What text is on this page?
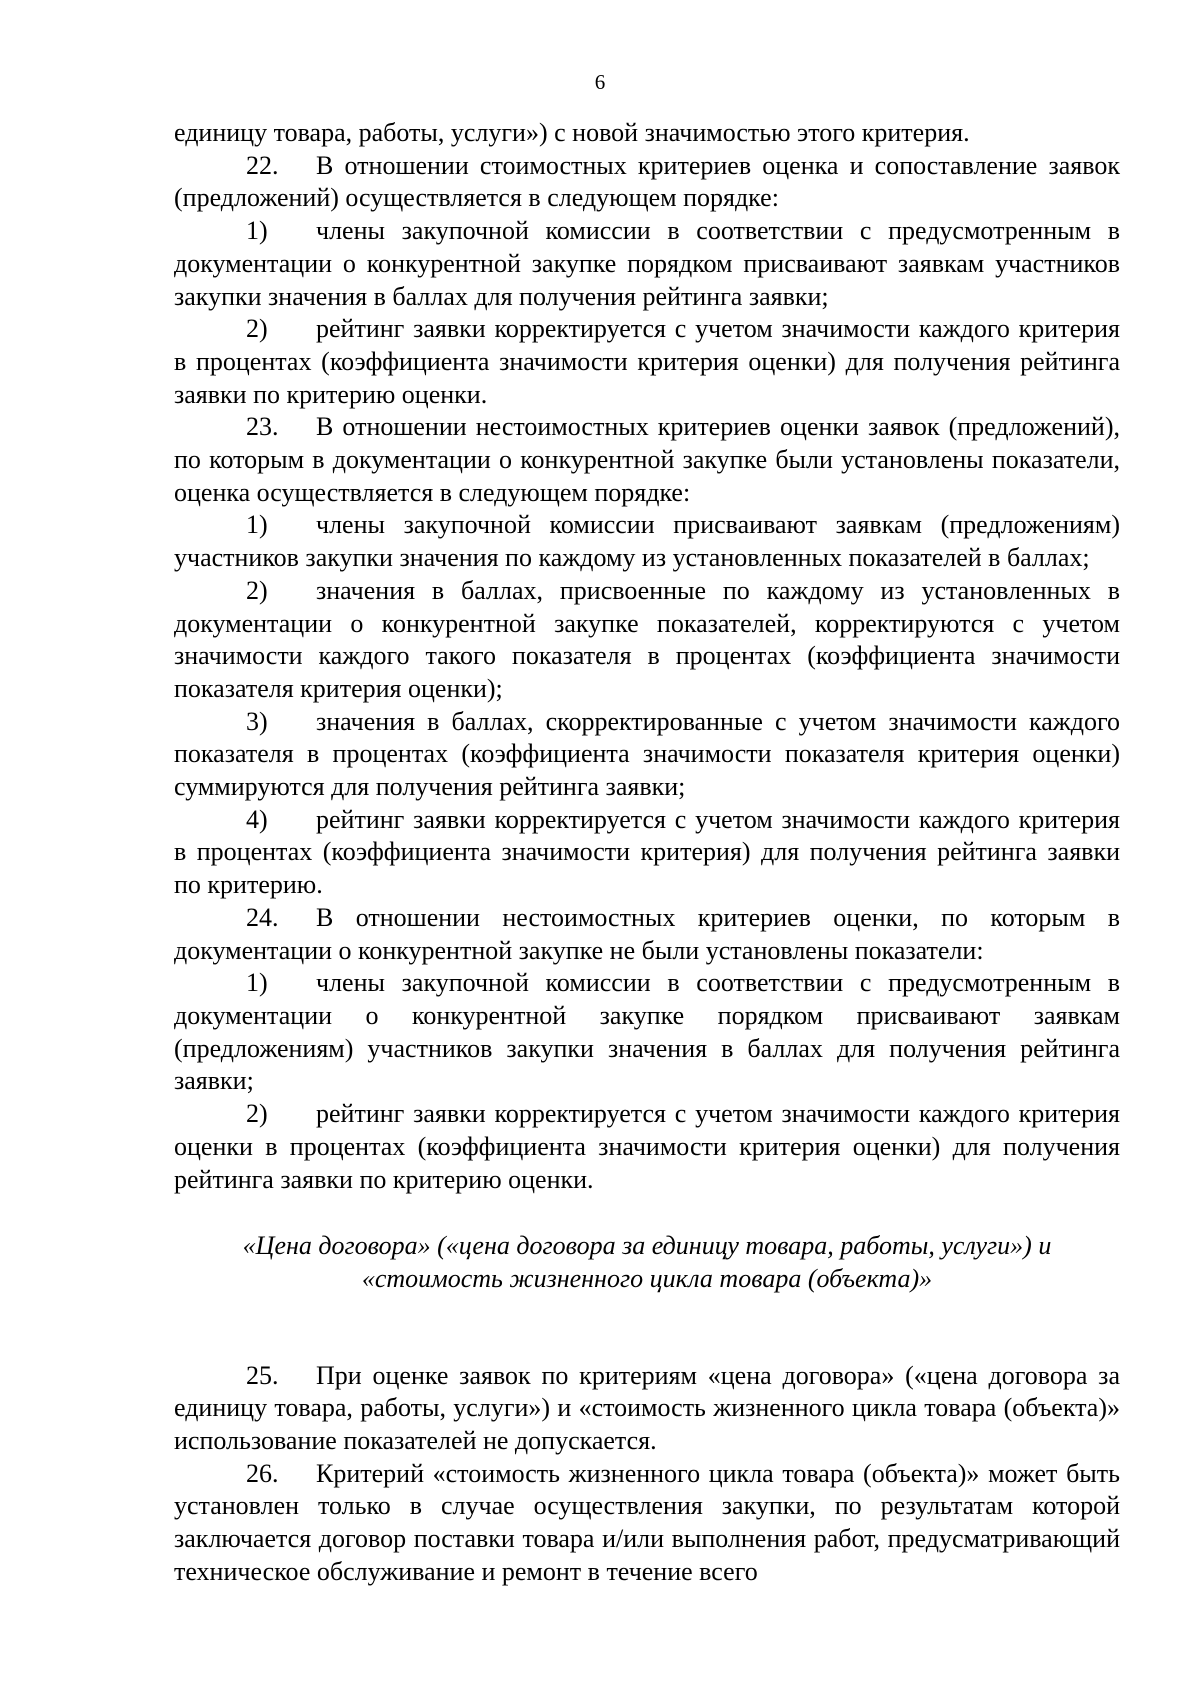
6

единицу товара, работы, услуги») с новой значимостью этого критерия.

22. В отношении стоимостных критериев оценка и сопоставление заявок (предложений) осуществляется в следующем порядке:

1) члены закупочной комиссии в соответствии с предусмотренным в документации о конкурентной закупке порядком присваивают заявкам участников закупки значения в баллах для получения рейтинга заявки;

2) рейтинг заявки корректируется с учетом значимости каждого критерия в процентах (коэффициента значимости критерия оценки) для получения рейтинга заявки по критерию оценки.

23. В отношении нестоимостных критериев оценки заявок (предложений), по которым в документации о конкурентной закупке были установлены показатели, оценка осуществляется в следующем порядке:

1) члены закупочной комиссии присваивают заявкам (предложениям) участников закупки значения по каждому из установленных показателей в баллах;

2) значения в баллах, присвоенные по каждому из установленных в документации о конкурентной закупке показателей, корректируются с учетом значимости каждого такого показателя в процентах (коэффициента значимости показателя критерия оценки);

3) значения в баллах, скорректированные с учетом значимости каждого показателя в процентах (коэффициента значимости показателя критерия оценки) суммируются для получения рейтинга заявки;

4) рейтинг заявки корректируется с учетом значимости каждого критерия в процентах (коэффициента значимости критерия) для получения рейтинга заявки по критерию.

24. В отношении нестоимостных критериев оценки, по которым в документации о конкурентной закупке не были установлены показатели:

1) члены закупочной комиссии в соответствии с предусмотренным в документации о конкурентной закупке порядком присваивают заявкам (предложениям) участников закупки значения в баллах для получения рейтинга заявки;

2) рейтинг заявки корректируется с учетом значимости каждого критерия оценки в процентах (коэффициента значимости критерия оценки) для получения рейтинга заявки по критерию оценки.

«Цена договора» («цена договора за единицу товара, работы, услуги») и
«стоимость жизненного цикла товара (объекта)»

25. При оценке заявок по критериям «цена договора» («цена договора за единицу товара, работы, услуги») и «стоимость жизненного цикла товара (объекта)» использование показателей не допускается.

26. Критерий «стоимость жизненного цикла товара (объекта)» может быть установлен только в случае осуществления закупки, по результатам которой заключается договор поставки товара и/или выполнения работ, предусматривающий техническое обслуживание и ремонт в течение всего
